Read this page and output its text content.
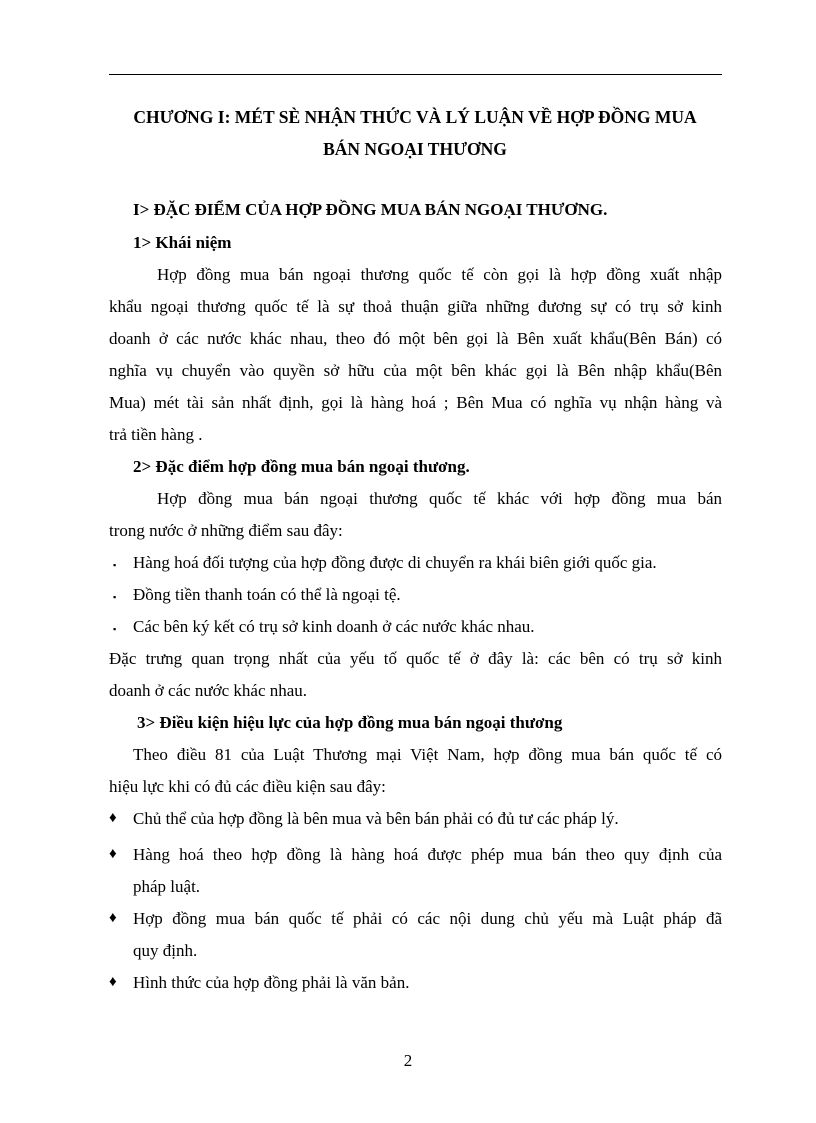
CHƯƠNG I: MÉT SÈ NHẬN THỨC VÀ LÝ LUẬN VỀ HỢP ĐỒNG MUA
BÁN NGOẠI THƯƠNG
I> ĐẶC ĐIỂM CỦA HỢP ĐỒNG MUA BÁN NGOẠI THƯƠNG.
1> Khái niệm
Hợp đồng mua bán ngoại thương quốc tế còn gọi là hợp đồng xuất nhập
khẩu ngoại thương quốc tế là sự thoả thuận giữa những đương sự có trụ sở kinh
doanh ở các nước khác nhau, theo đó một bên gọi là Bên xuất khẩu(Bên Bán) có
nghĩa vụ chuyển vào quyền sở hữu của một bên khác gọi là Bên nhập khẩu(Bên
Mua) mét tài sản nhất định, gọi là hàng hoá ; Bên Mua có nghĩa vụ nhận hàng và
trả tiền hàng .
2> Đặc điểm hợp đồng mua bán ngoại thương.
Hợp đồng mua bán ngoại thương quốc tế khác với hợp đồng mua bán
trong nước ở những điểm sau đây:
▪ Hàng hoá đối tượng của hợp đồng được di chuyển ra khái biên giới quốc gia.
▪ Đồng tiền thanh toán có thể là ngoại tệ.
▪ Các bên ký kết có trụ sở kinh doanh ở các nước khác nhau.
Đặc trưng quan trọng nhất của yếu tố quốc tế ở đây là: các bên có trụ sở kinh
doanh ở các nước khác nhau.
3> Điều kiện hiệu lực của hợp đồng mua bán ngoại thương
Theo điều 81 của Luật Thương mại Việt Nam, hợp đồng mua bán quốc tế có
hiệu lực khi có đủ các điều kiện sau đây:
♦ Chủ thể của hợp đồng là bên mua và bên bán phải có đủ tư các pháp lý.
♦ Hàng hoá theo hợp đồng là hàng hoá được phép mua bán theo quy định của
pháp luật.
♦ Hợp đồng mua bán quốc tế phải có các nội dung chủ yếu mà Luật pháp đã
quy định.
♦ Hình thức của hợp đồng phải là văn bản.
2
